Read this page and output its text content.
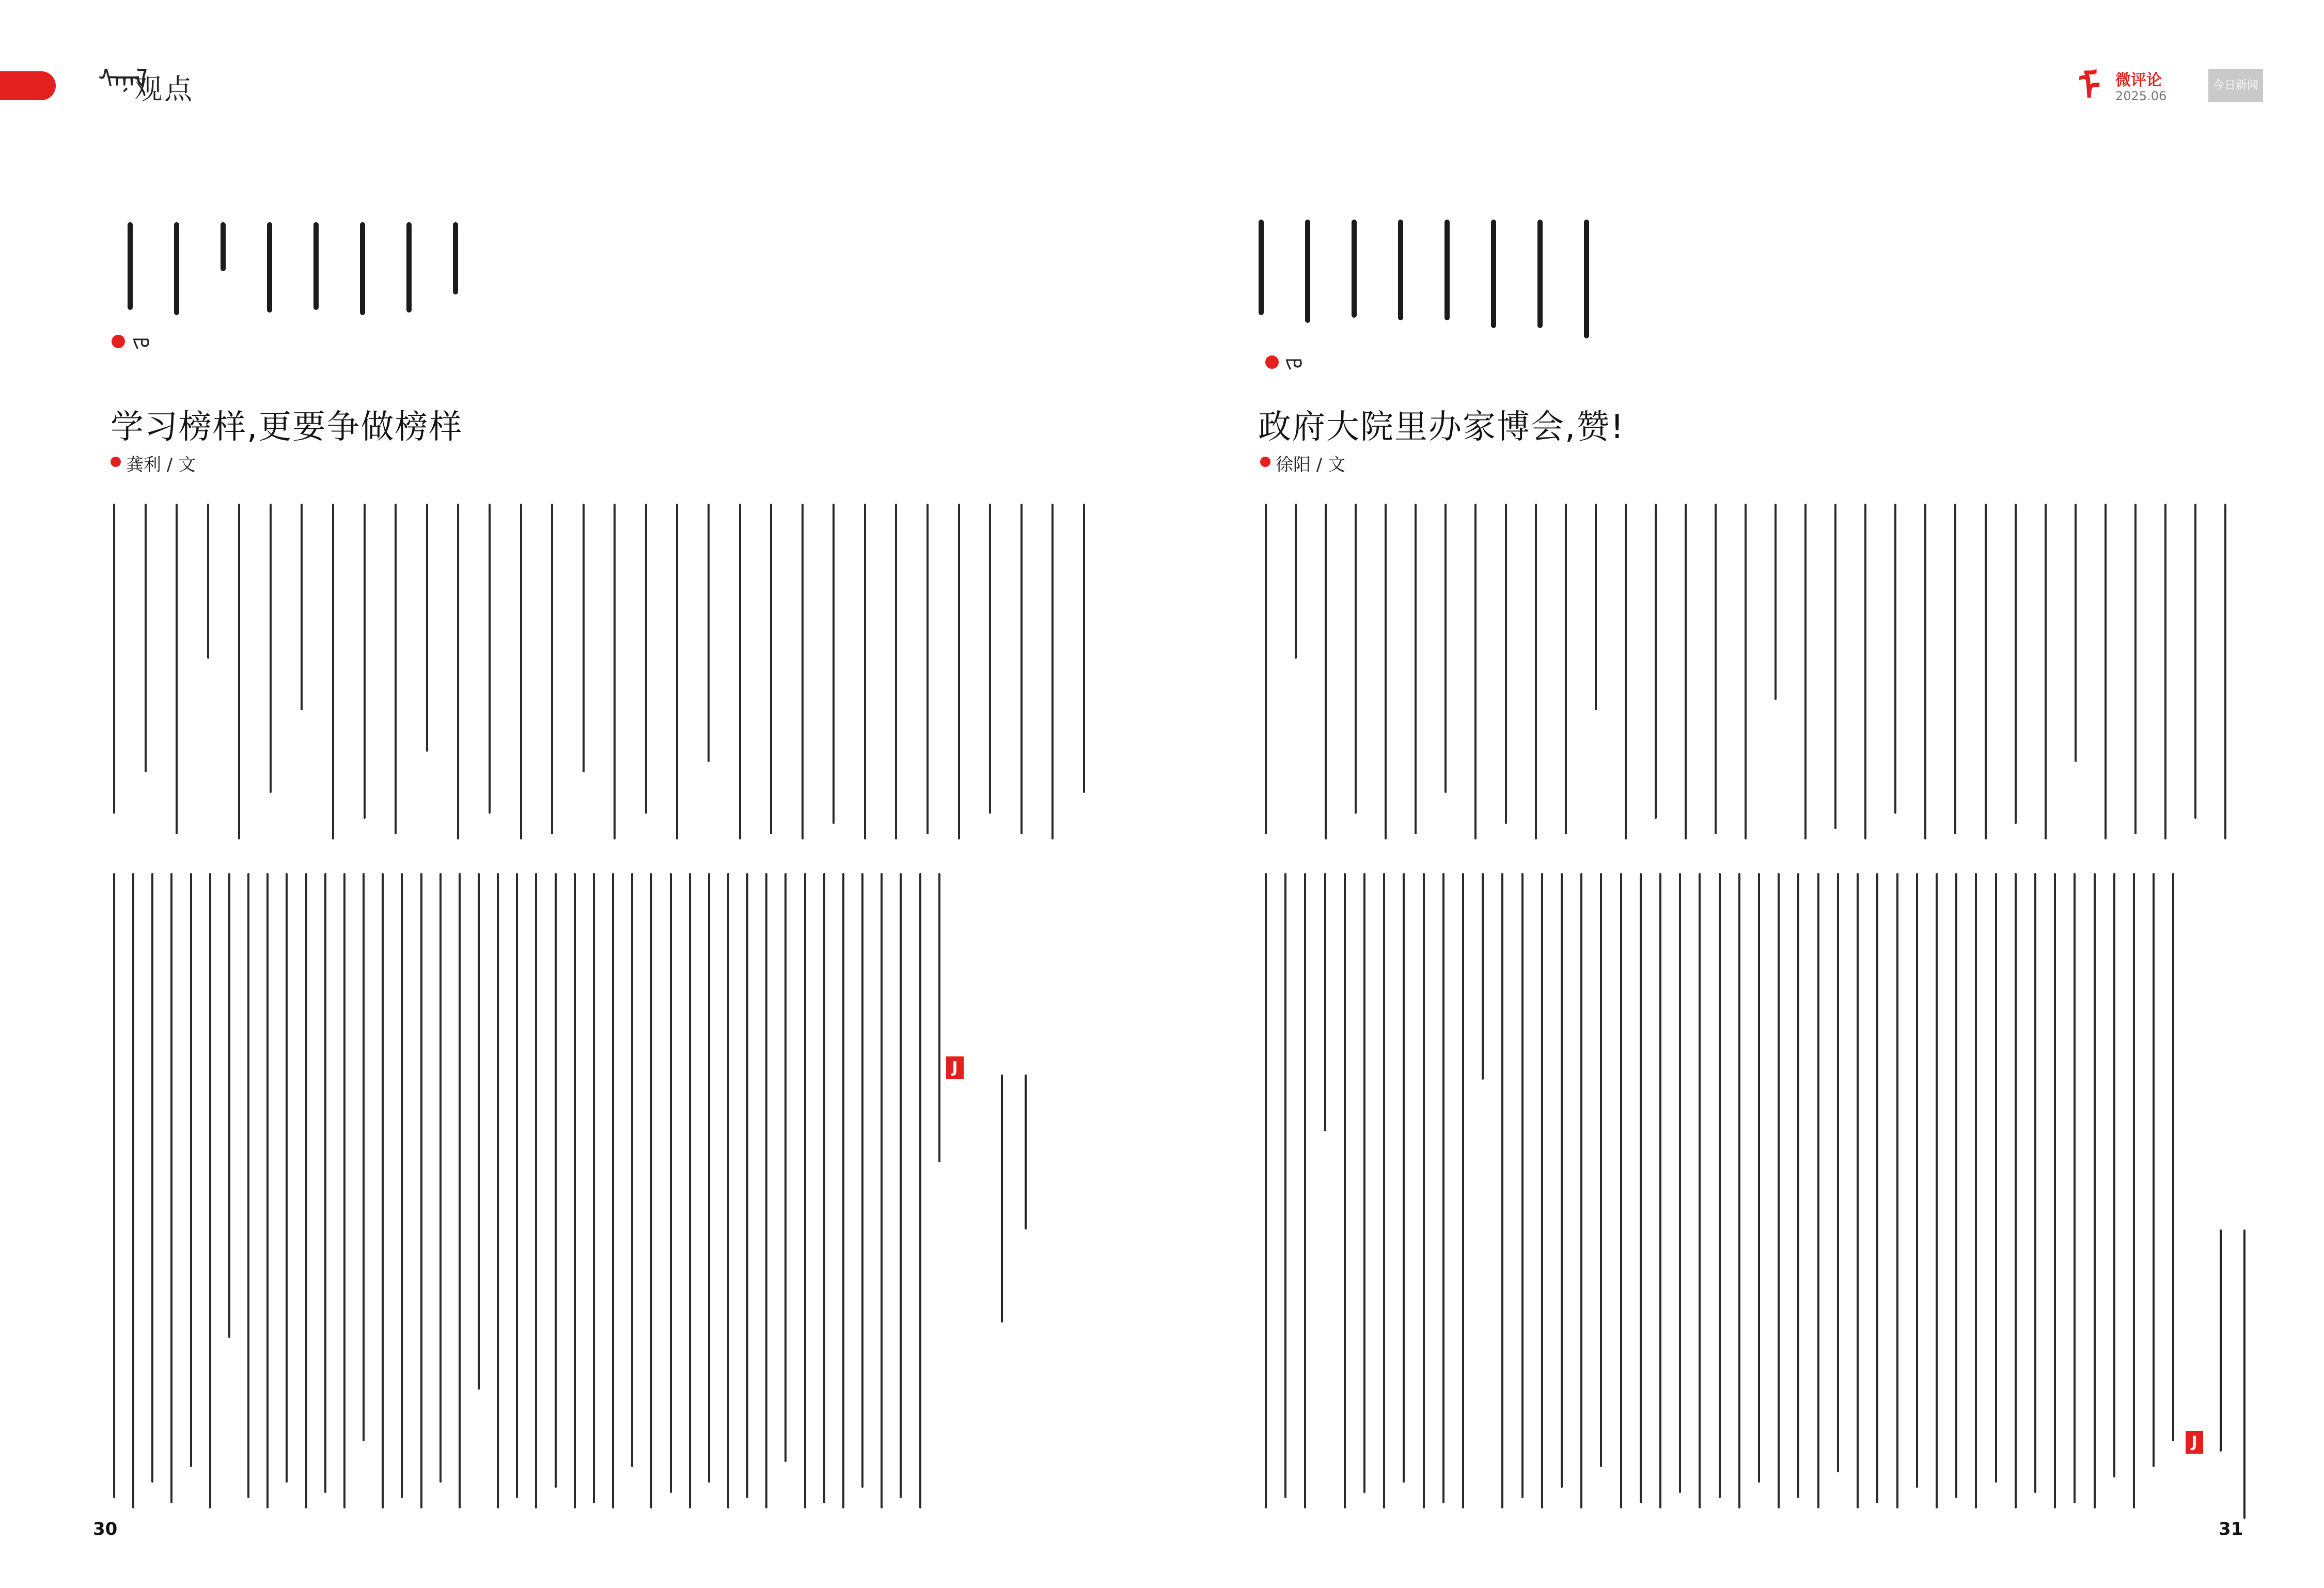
ᠰᠠᠨᠠᠯ
观点	ᠮ 微评论
2025.06
今日新闻
ᠵᠣ
学习榜样,更要争做榜样
龚利 / 文
J
30
ᠵᠣ
政府大院里办家博会,赞!
徐阳 / 文
J
31
